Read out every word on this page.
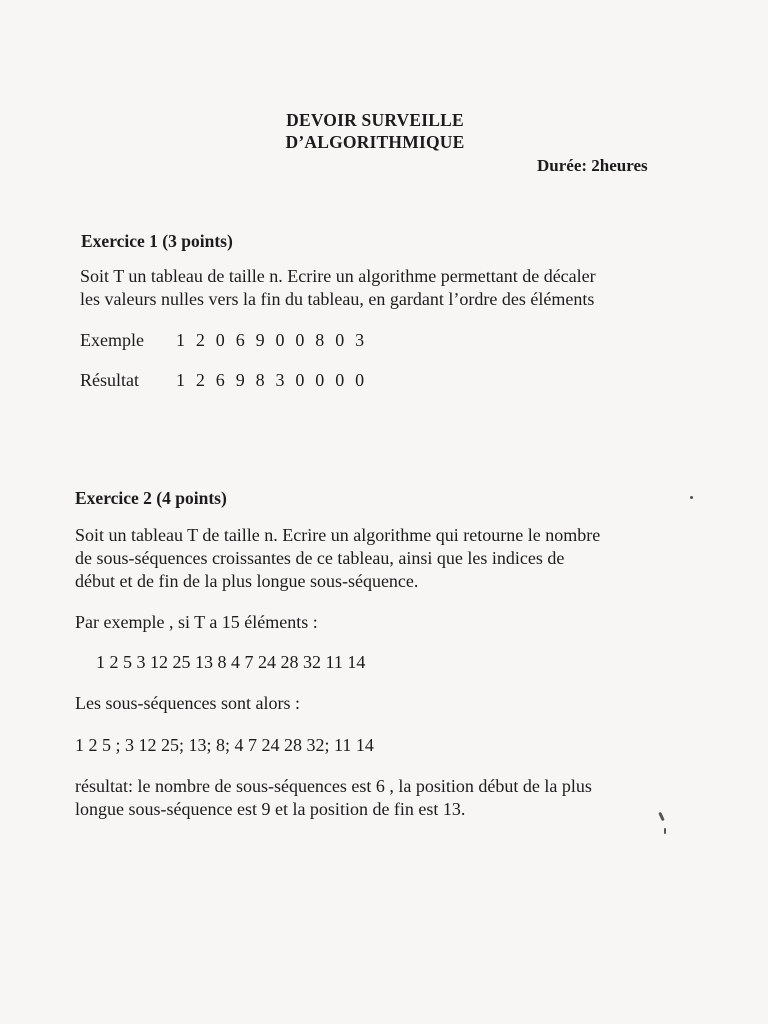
DEVOIR SURVEILLE
D’ALGORITHMIQUE
Durée: 2heures
Exercice 1 (3 points)
Soit T un tableau de taille n. Ecrire un algorithme permettant de décaler
les valeurs nulles vers la fin du tableau, en gardant l’ordre des éléments
Exemple 1 2 0 6 9 0 0 8 0 3
Résultat 1 2 6 9 8 3 0 0 0 0
Exercice 2 (4 points)
Soit un tableau T de taille n. Ecrire un algorithme qui retourne le nombre
de sous-séquences croissantes de ce tableau, ainsi que les indices de
début et de fin de la plus longue sous-séquence.
Par exemple , si T a 15 éléments :
1 2 5 3 12 25 13 8 4 7 24 28 32 11 14
Les sous-séquences sont alors :
1 2 5 ; 3 12 25; 13; 8; 4 7 24 28 32; 11 14
résultat: le nombre de sous-séquences est 6 , la position début de la plus
longue sous-séquence est 9 et la position de fin est 13.
